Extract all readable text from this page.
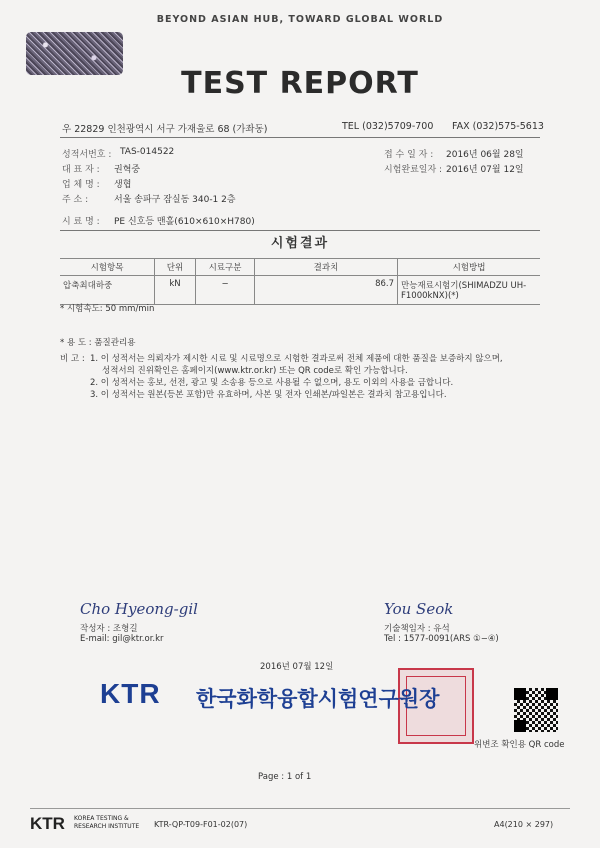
BEYOND ASIAN HUB, TOWARD GLOBAL WORLD
TEST REPORT
우 22829 인천광역시 서구 가재울로 68 (가좌동)	TEL (032)5709-700 FAX (032)575-5613
성적서번호 : TAS-014522
대 표 자 : 권혁중
업 체 명 : 생협
주 소 :	서울 송파구 잠실동 340-1 2층
접 수 일 자 : 2016년 06월 28일
시험완료일자 : 2016년 07월 12일
시 료 명 : PE 신호등 맨홀(610×610×H780)
시험결과
시험항목	단위	시료구분	결과치	시험방법
압축최대하중	kN	−	86.7	만능재료시험기(SHIMADZU UH-F1000kNX)(*)
* 시험속도: 50 mm/min
* 용 도 : 품질관리용
비 고 : 1. 이 성적서는 의뢰자가 제시한 시료 및 시료명으로 시험한 결과로써 전체 제품에 대한 품질을 보증하지 않으며,
성적서의 진위확인은 홈페이지(www.ktr.or.kr) 또는 QR code로 확인 가능합니다.
2. 이 성적서는 홍보, 선전, 광고 및 소송용 등으로 사용될 수 없으며, 용도 이외의 사용을 금합니다.
3. 이 성적서는 원본(등본 포함)만 유효하며, 사본 및 전자 인쇄본/파일본은 결과치 참고용입니다.
Cho Hyeong-gil
작성자 : 조형길
E-mail: gil@ktr.or.kr
You Seok
기술책임자 : 유석
Tel : 1577-0091(ARS ①−④)
2016년 07월 12일
KTR 한국화학융합시험연구원장
위변조 확인용 QR code
Page : 1 of 1
KTR KOREA TESTING &
RESEARCH INSTITUTE KTR-QP-T09-F01-02(07)	A4(210 × 297)
